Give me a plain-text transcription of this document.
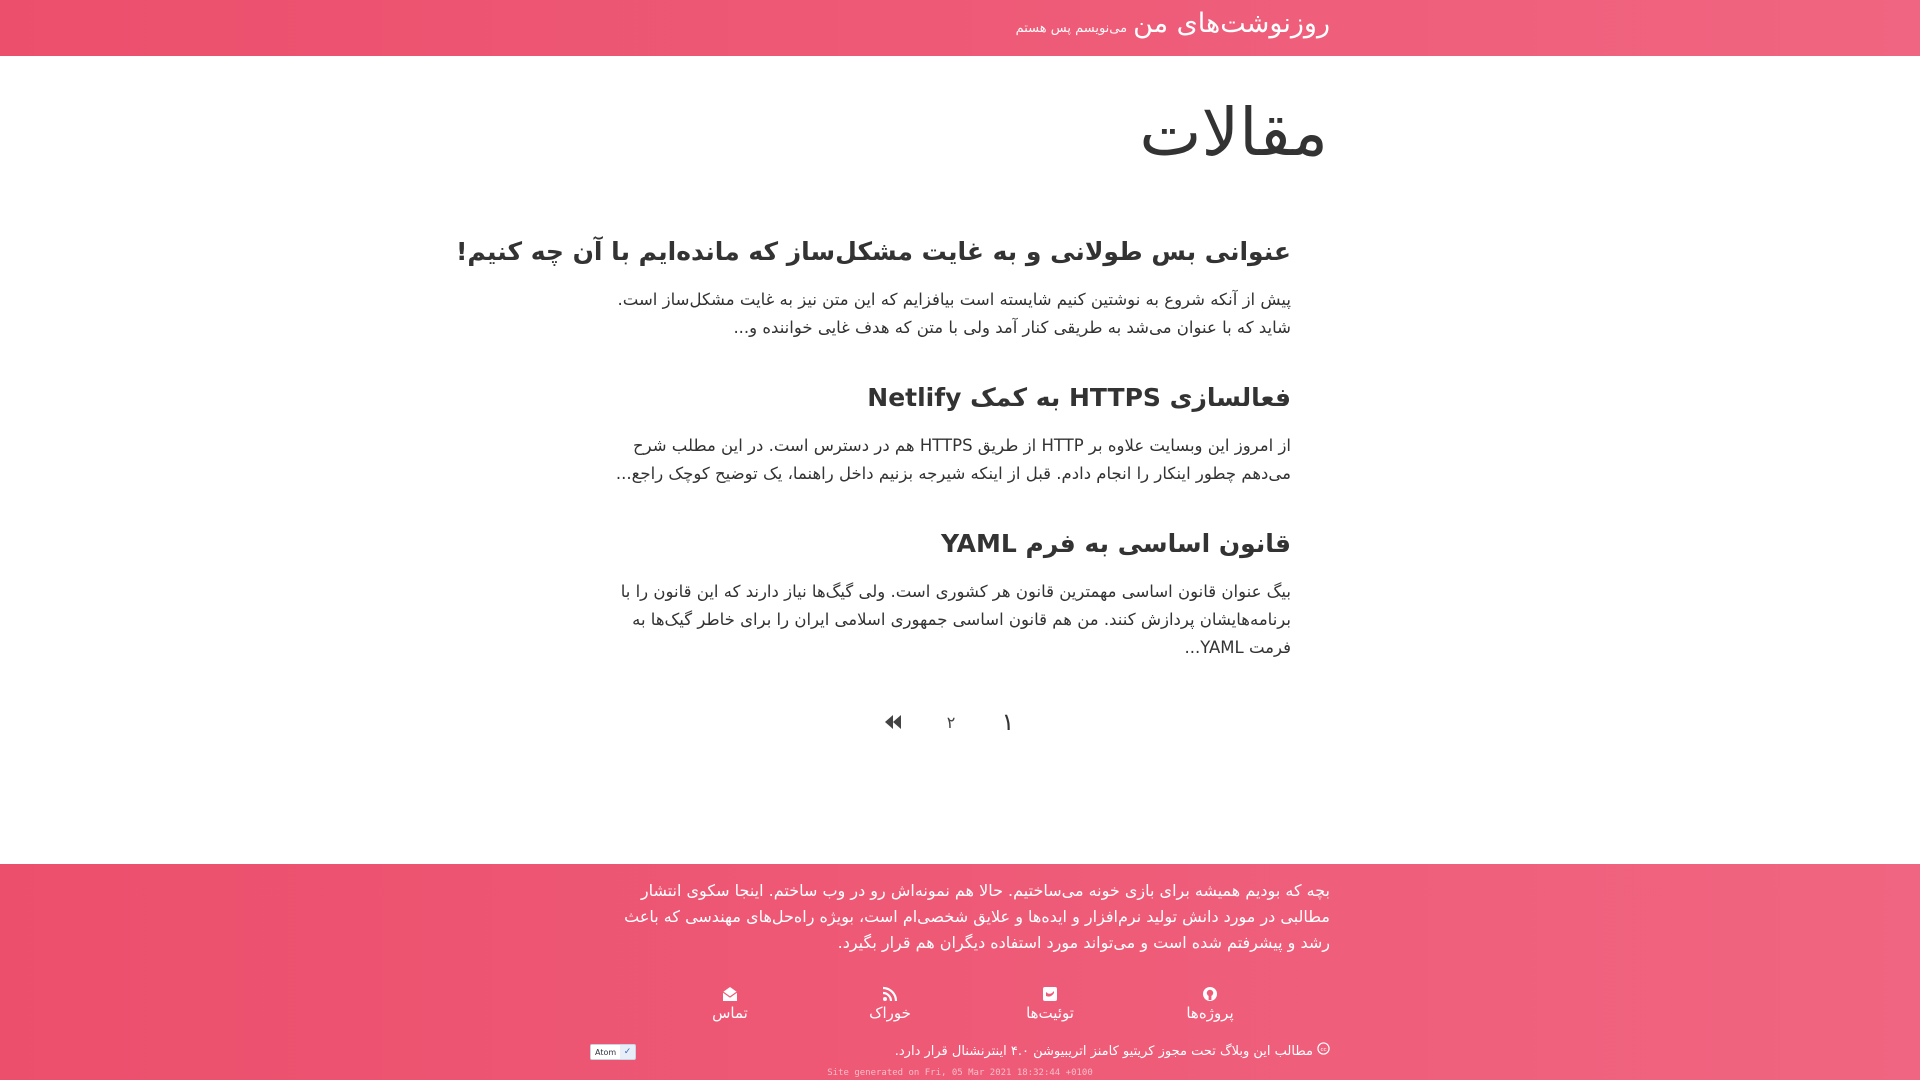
روزنوشت‌های من
می‌نویسم پس هستم
مقالات
عنوانی بس طولانی و به غایت مشکل‌ساز که مانده‌ایم با آن چه کنیم!

پیش از آنکه شروع به نوشتین کنیم شایسته است بیافزایم که این متن نیز به غایت مشکل‌ساز است. شاید که با عنوان می‌شد به طریقی کنار آمد ولی با متن که هدف غایی خواننده و...

فعالسازی HTTPS به کمک Netlify

از امروز این وبسایت علاوه بر HTTP از طریق HTTPS هم در دسترس است. در این مطلب شرح می‌دهم چطور اینکار را انجام دادم. قبل از اینکه شیرجه بزنیم داخل راهنما، یک توضیح کوچک راجع...

قانون اساسی به فرم YAML

بیگ عنوان قانون اساسی مهمترین قانون هر کشوری است. ولی گیگ‌ها نیاز دارند که این قانون را با برنامه‌هایشان پردازش کنند. من هم قانون اساسی جمهوری اسلامی ایران را برای خاطر گیک‌ها به فرمت YAML...

۱
۲

بچه که بودیم همیشه برای بازی خونه می‌ساختیم. حالا هم نمونه‌اش رو در وب ساختم. اینجا سکوی انتشار مطالبی در مورد دانش تولید نرم‌افزار و ایده‌ها و علایق شخصی‌ام است، بویژه راه‌حل‌های مهندسی که باعث رشد و پیشرفتم شده است و می‌تواند مورد استفاده دیگران هم قرار بگیرد.

پروژه‌ها
توئیت‌ها
خوراک
تماس
cc
مطالب این وبلاگ تحت مجوز کریتیو کامنز اتریبیوشن ۴.۰ اینترنشنال قرار دارد.
Atom ✓
Site generated on Fri, 05 Mar 2021 18:32:44 +0100
